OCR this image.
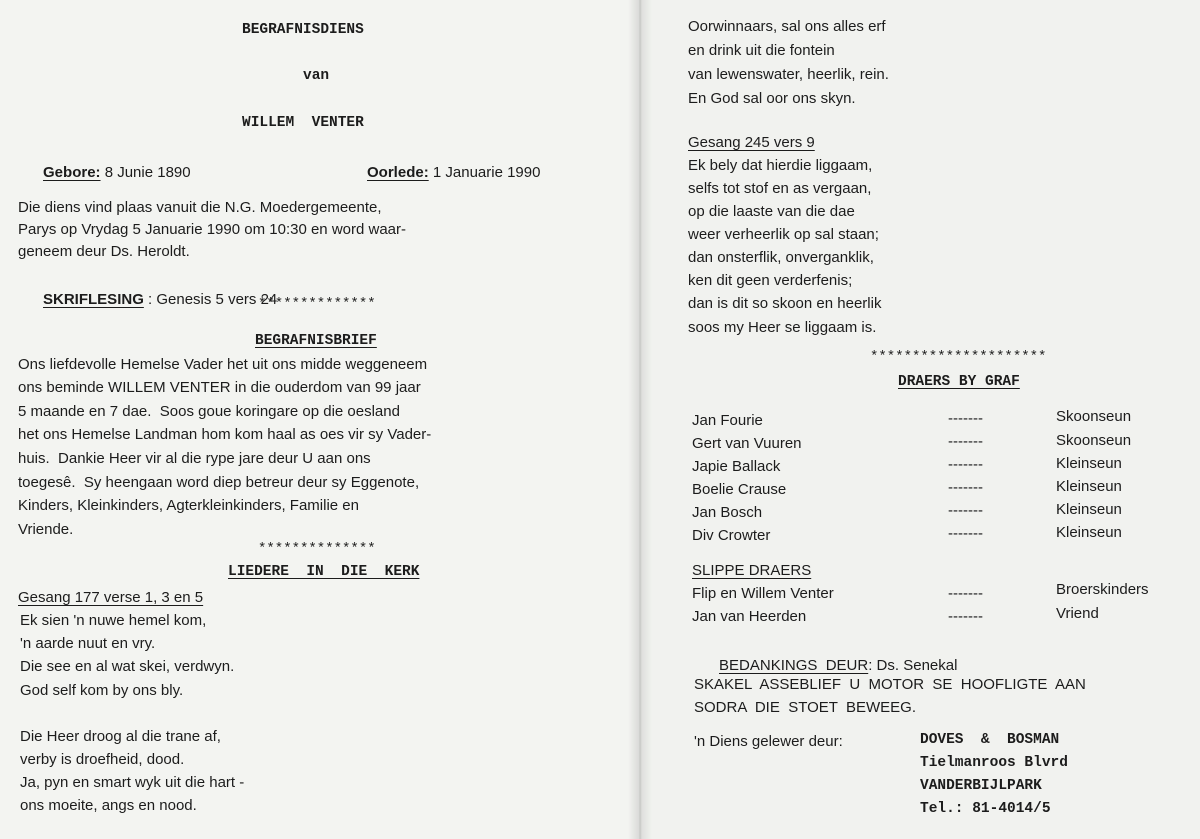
BEGRAFNISDIENS
van
WILLEM  VENTER

Gebore: 8 Junie 1890
	Oorlede: 1 Januarie 1990

Die diens vind plaas vanuit die N.G. Moedergemeente,
Parys op Vrydag 5 Januarie 1990 om 10:30 en word waar-
geneem deur Ds. Heroldt.

SKRIFLESING : Genesis 5 vers 24

**************
BEGRAFNISBRIEF
Ons liefdevolle Hemelse Vader het uit ons midde weggeneem
ons beminde WILLEM VENTER in die ouderdom van 99 jaar
5 maande en 7 dae.  Soos goue koringare op die oesland
het ons Hemelse Landman hom kom haal as oes vir sy Vader-
huis.  Dankie Heer vir al die rype jare deur U aan ons
toegesê.  Sy heengaan word diep betreur deur sy Eggenote,
Kinders, Kleinkinders, Agterkleinkinders, Familie en
Vriende.
**************
LIEDERE  IN  DIE  KERK
Gesang 177 verse 1, 3 en 5
Ek sien 'n nuwe hemel kom,
'n aarde nuut en vry.
Die see en al wat skei, verdwyn.
God self kom by ons bly.
Die Heer droog al die trane af,
verby is droefheid, dood.
Ja, pyn en smart wyk uit die hart -
ons moeite, angs en nood.
Oorwinnaars, sal ons alles erf
en drink uit die fontein
van lewenswater, heerlik, rein.
En God sal oor ons skyn.
Gesang 245 vers 9
Ek bely dat hierdie liggaam,
selfs tot stof en as vergaan,
op die laaste van die dae
weer verheerlik op sal staan;
dan onsterflik, onverganklik,
ken dit geen verderfenis;
dan is dit so skoon en heerlik
soos my Heer se liggaam is.
*********************
DRAERS BY GRAF
Jan Fourie	-------	Skoonseun
Gert van Vuuren	-------	Skoonseun
Japie Ballack	-------	Kleinseun
Boelie Crause	-------	Kleinseun
Jan Bosch	-------	Kleinseun
Div Crowter	-------	Kleinseun
SLIPPE DRAERS
Flip en Willem Venter	-------	Broerskinders
Jan van Heerden	-------	Vriend

BEDANKINGS  DEUR: Ds. Senekal

SKAKEL  ASSEBLIEF  U  MOTOR  SE  HOOFLIGTE  AAN
SODRA  DIE  STOET  BEWEEG.
'n Diens gelewer deur:	DOVES  &  BOSMAN
Tielmanroos Blvrd
VANDERBIJLPARK
Tel.: 81-4014/5
